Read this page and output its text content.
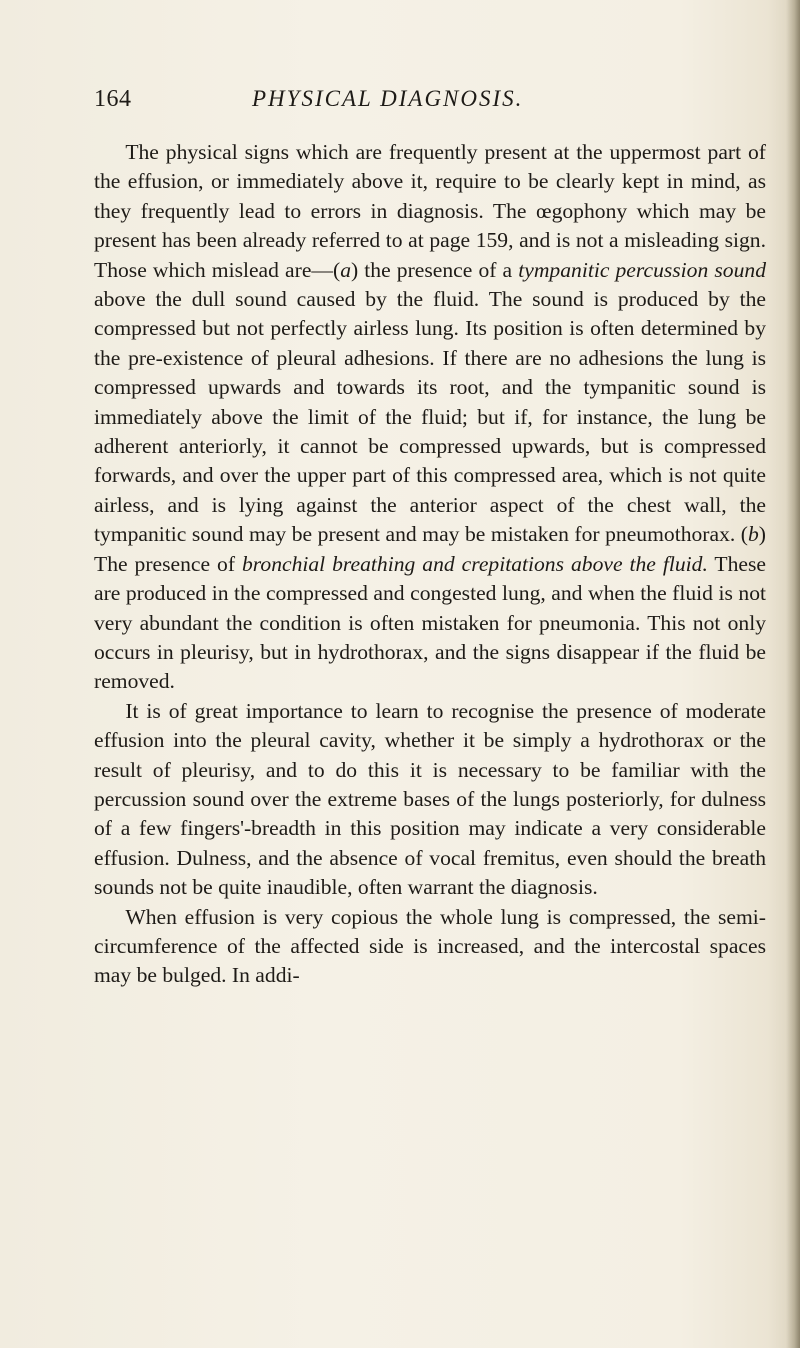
164	PHYSICAL DIAGNOSIS.

The physical signs which are frequently present at the uppermost part of the effusion, or immediately above it, require to be clearly kept in mind, as they frequently lead to errors in diagnosis. The œgophony which may be present has been already referred to at page 159, and is not a misleading sign. Those which mislead are—(a) the presence of a tympanitic percussion sound above the dull sound caused by the fluid. The sound is produced by the compressed but not perfectly airless lung. Its position is often determined by the pre-existence of pleural adhesions. If there are no adhesions the lung is compressed upwards and towards its root, and the tympanitic sound is immediately above the limit of the fluid; but if, for instance, the lung be adherent anteriorly, it cannot be compressed upwards, but is compressed forwards, and over the upper part of this compressed area, which is not quite airless, and is lying against the anterior aspect of the chest wall, the tympanitic sound may be present and may be mistaken for pneumothorax. (b) The presence of bronchial breathing and crepitations above the fluid. These are produced in the compressed and congested lung, and when the fluid is not very abundant the condition is often mistaken for pneumonia. This not only occurs in pleurisy, but in hydrothorax, and the signs disappear if the fluid be removed.

It is of great importance to learn to recognise the presence of moderate effusion into the pleural cavity, whether it be simply a hydrothorax or the result of pleurisy, and to do this it is necessary to be familiar with the percussion sound over the extreme bases of the lungs posteriorly, for dulness of a few fingers'-breadth in this position may indicate a very considerable effusion. Dulness, and the absence of vocal fremitus, even should the breath sounds not be quite inaudible, often warrant the diagnosis.

When effusion is very copious the whole lung is compressed, the semi-circumference of the affected side is increased, and the intercostal spaces may be bulged. In addi-
